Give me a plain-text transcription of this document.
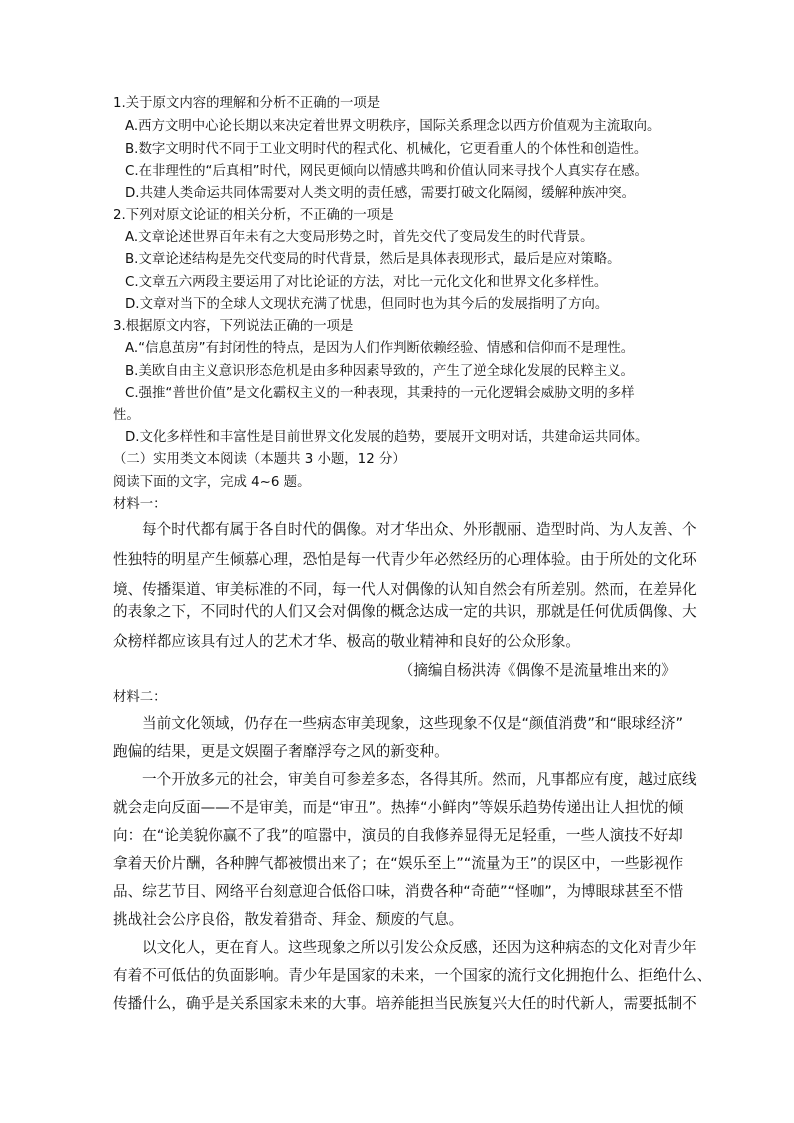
1.关于原文内容的理解和分析不正确的一项是
A.西方文明中心论长期以来决定着世界文明秩序，国际关系理念以西方价值观为主流取向。
B.数字文明时代不同于工业文明时代的程式化、机械化，它更看重人的个体性和创造性。
C.在非理性的“后真相”时代，网民更倾向以情感共鸣和价值认同来寻找个人真实存在感。
D.共建人类命运共同体需要对人类文明的责任感，需要打破文化隔阂，缓解种族冲突。
2.下列对原文论证的相关分析，不正确的一项是
A.文章论述世界百年未有之大变局形势之时，首先交代了变局发生的时代背景。
B.文章论述结构是先交代变局的时代背景，然后是具体表现形式，最后是应对策略。
C.文章五六两段主要运用了对比论证的方法，对比一元化文化和世界文化多样性。
D.文章对当下的全球人文现状充满了忧患，但同时也为其今后的发展指明了方向。
3.根据原文内容，下列说法正确的一项是
A.“信息茧房”有封闭性的特点，是因为人们作判断依赖经验、情感和信仰而不是理性。
B.美欧自由主义意识形态危机是由多种因素导致的，产生了逆全球化发展的民粹主义。
C.强推“普世价值”是文化霸权主义的一种表现，其秉持的一元化逻辑会威胁文明的多样
性。
D.文化多样性和丰富性是目前世界文化发展的趋势，要展开文明对话，共建命运共同体。
（二）实用类文本阅读（本题共 3 小题，12 分）
阅读下面的文字，完成 4~6 题。
材料一：
每个时代都有属于各自时代的偶像。对才华出众、外形靓丽、造型时尚、为人友善、个
性独特的明星产生倾慕心理，恐怕是每一代青少年必然经历的心理体验。由于所处的文化环
境、传播渠道、审美标准的不同，每一代人对偶像的认知自然会有所差别。然而，在差异化
的表象之下，不同时代的人们又会对偶像的概念达成一定的共识，那就是任何优质偶像、大
众榜样都应该具有过人的艺术才华、极高的敬业精神和良好的公众形象。
（摘编自杨洪涛《偶像不是流量堆出来的》
材料二：
当前文化领域，仍存在一些病态审美现象，这些现象不仅是“颜值消费”和“眼球经济”
跑偏的结果，更是文娱圈子奢靡浮夸之风的新变种。
一个开放多元的社会，审美自可参差多态，各得其所。然而，凡事都应有度，越过底线
就会走向反面——不是审美，而是“审丑”。热捧“小鲜肉”等娱乐趋势传递出让人担忧的倾
向：在“论美貌你赢不了我”的喧嚣中，演员的自我修养显得无足轻重，一些人演技不好却
拿着天价片酬，各种脾气都被惯出来了；在“娱乐至上”“流量为王”的误区中，一些影视作
品、综艺节目、网络平台刻意迎合低俗口味，消费各种“奇葩”“怪咖”，为博眼球甚至不惜
挑战社会公序良俗，散发着猎奇、拜金、颓废的气息。
以文化人，更在育人。这些现象之所以引发公众反感，还因为这种病态的文化对青少年
有着不可低估的负面影响。青少年是国家的未来，一个国家的流行文化拥抱什么、拒绝什么、
传播什么，确乎是关系国家未来的大事。培养能担当民族复兴大任的时代新人，需要抵制不
